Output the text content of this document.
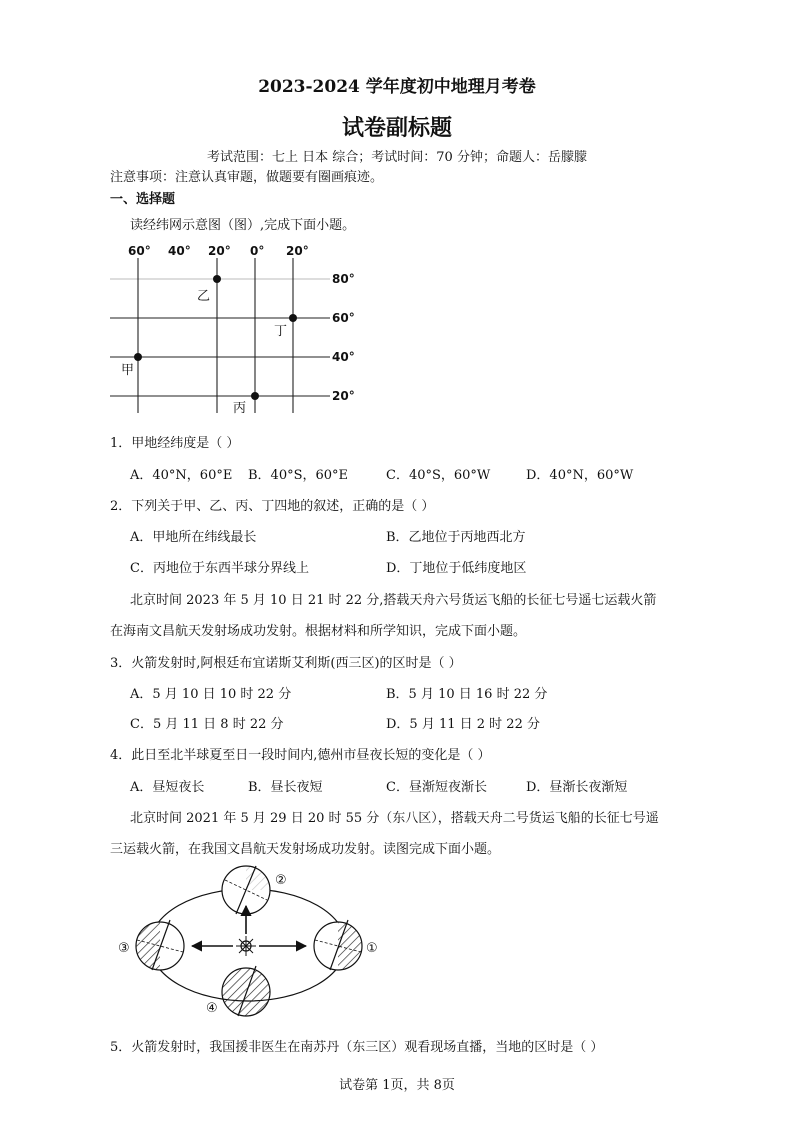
2023-2024 学年度初中地理月考卷
试卷副标题
考试范围：七上 日本 综合；考试时间：70 分钟；命题人：岳朦朦
注意事项：注意认真审题，做题要有圈画痕迹。
一、选择题
读经纬网示意图（图）,完成下面小题。
60° 40° 20° 0° 20°
80°
60°
40°
20°
乙
丁
甲
丙
1．甲地经纬度是（ ）
A．40°N，60°E B．40°S，60°E	C．40°S，60°W	D．40°N，60°W
2．下列关于甲、乙、丙、丁四地的叙述，正确的是（ ）
A．甲地所在纬线最长	B．乙地位于丙地西北方
C．丙地位于东西半球分界线上	D．丁地位于低纬度地区
北京时间 2023 年 5 月 10 日 21 时 22 分,搭载天舟六号货运飞船的长征七号遥七运载火箭
在海南文昌航天发射场成功发射。根据材料和所学知识，完成下面小题。
3．火箭发射时,阿根廷布宜诺斯艾利斯(西三区)的区时是（ ）
A．5 月 10 日 10 时 22 分	B．5 月 10 日 16 时 22 分
C．5 月 11 日 8 时 22 分	D．5 月 11 日 2 时 22 分
4．此日至北半球夏至日一段时间内,德州市昼夜长短的变化是（ ）
A．昼短夜长	B．昼长夜短	C．昼渐短夜渐长	D．昼渐长夜渐短
北京时间 2021 年 5 月 29 日 20 时 55 分（东八区），搭载天舟二号货运飞船的长征七号遥
三运载火箭，在我国文昌航天发射场成功发射。读图完成下面小题。
②
①
③
④
5．火箭发射时，我国援非医生在南苏丹（东三区）观看现场直播，当地的区时是（ ）
试卷第 1页，共 8页
